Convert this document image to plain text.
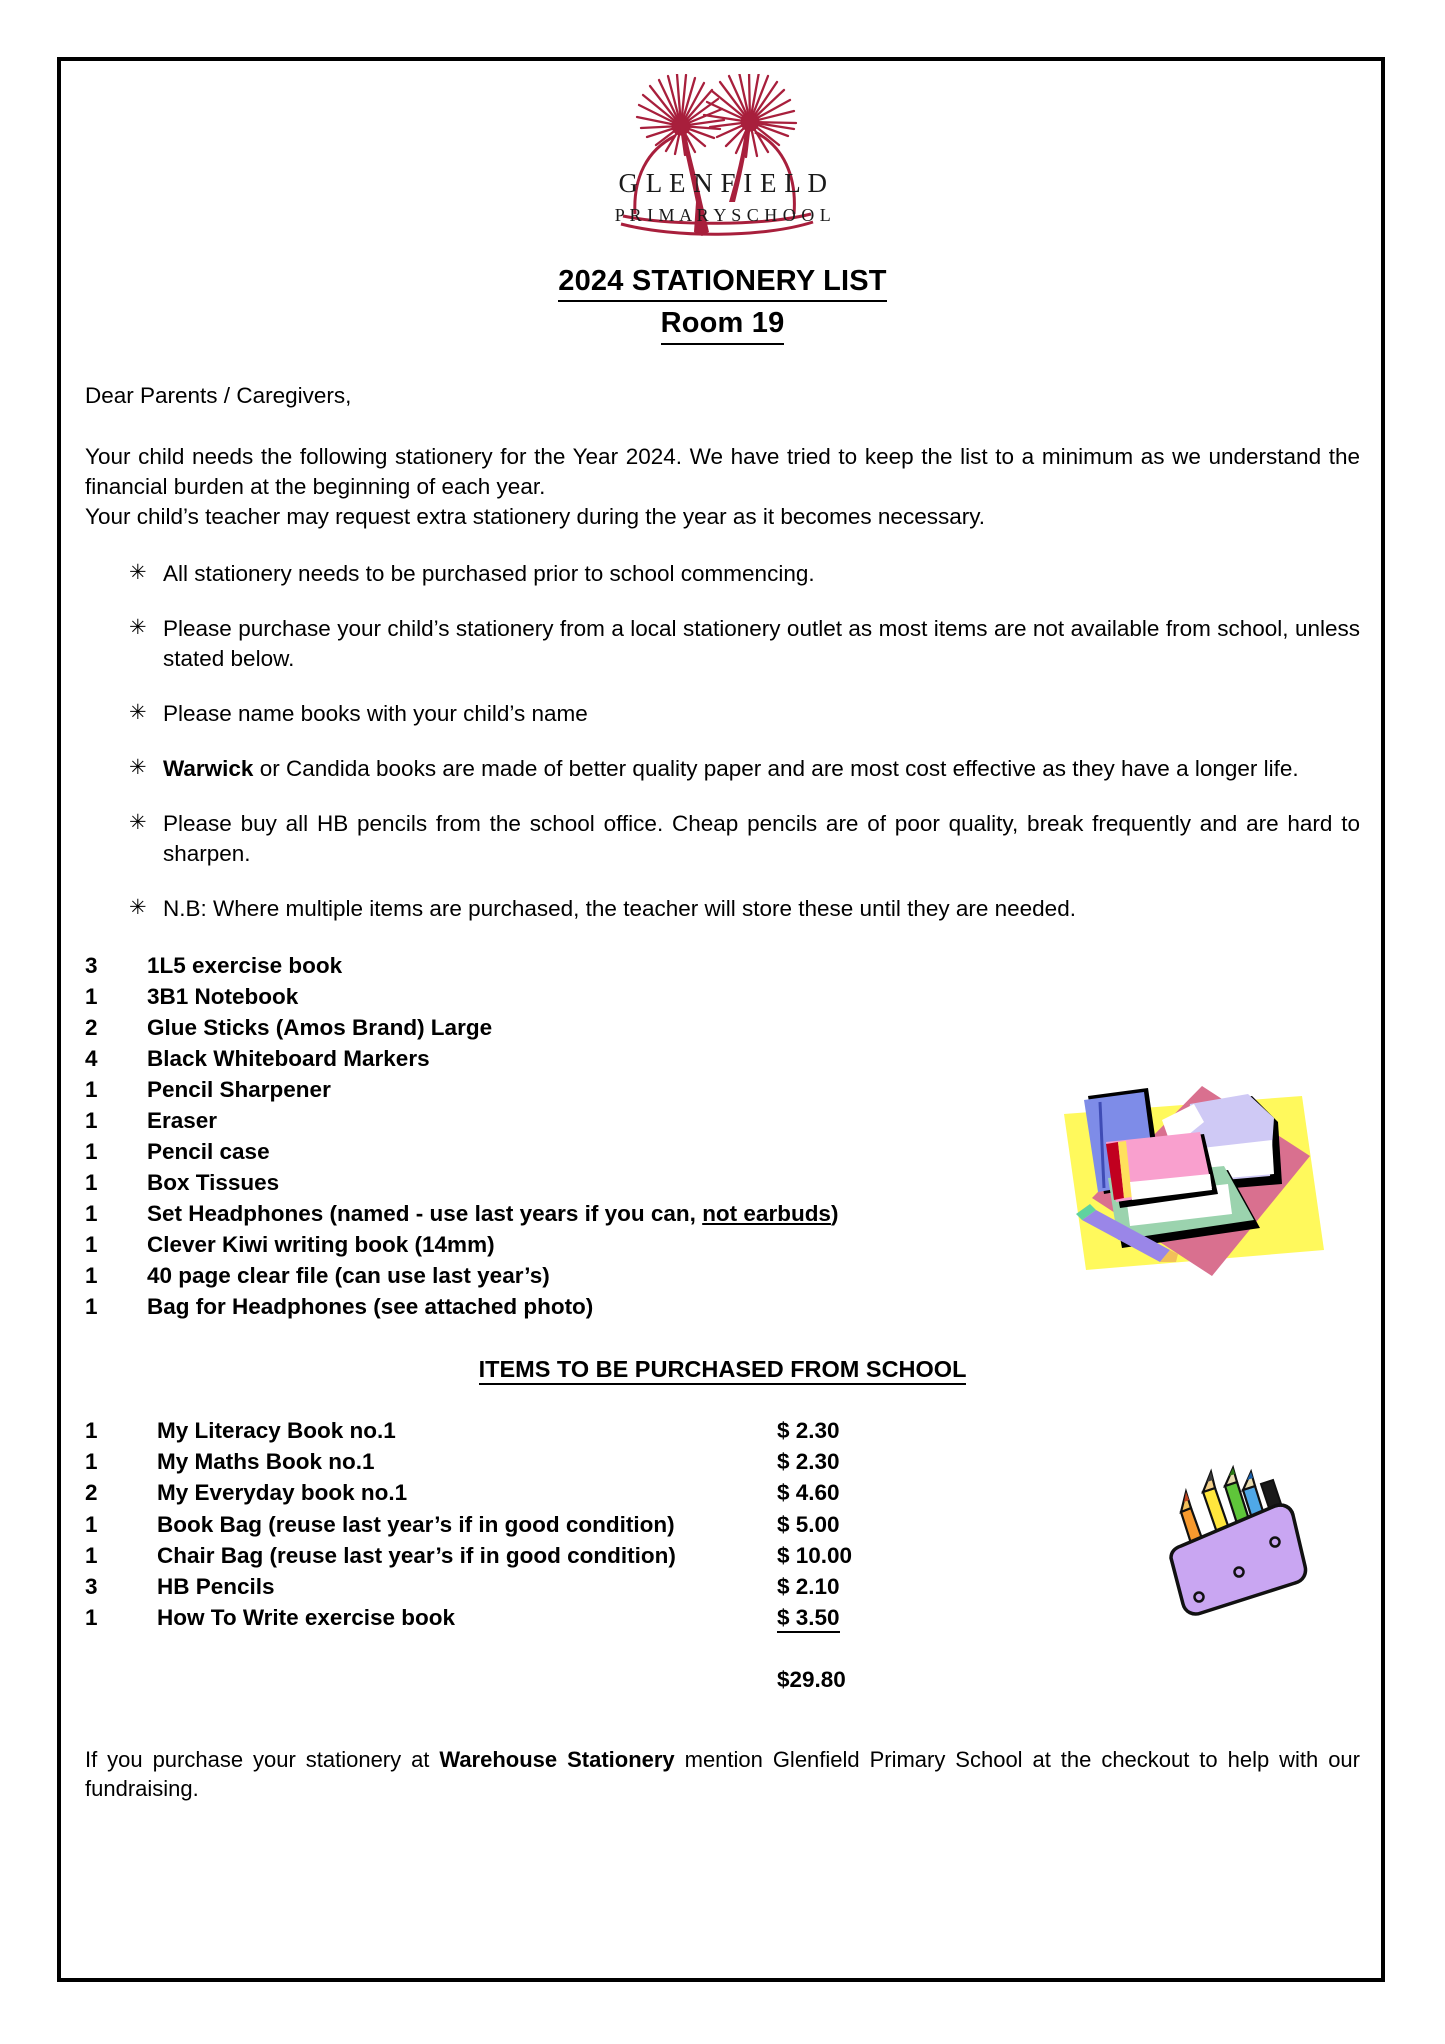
G L E N F I E L D
P R I M A R Y S C H O O L
2024 STATIONERY LIST
Room 19
Dear Parents / Caregivers,

Your child needs the following stationery for the Year 2024. We have tried to keep the list to a minimum as we understand the financial burden at the beginning of each year.

Your child’s teacher may request extra stationery during the year as it becomes necessary.

✳ All stationery needs to be purchased prior to school commencing.
✳ Please purchase your child’s stationery from a local stationery outlet as most items are not available from school, unless stated below.
✳ Please name books with your child’s name
✳ Warwick or Candida books are made of better quality paper and are most cost effective as they have a longer life.
✳ Please buy all HB pencils from the school office. Cheap pencils are of poor quality, break frequently and are hard to sharpen.
✳ N.B: Where multiple items are purchased, the teacher will store these until they are needed.
3	1L5 exercise book
1	3B1 Notebook
2	Glue Sticks (Amos Brand) Large
4	Black Whiteboard Markers
1	Pencil Sharpener
1	Eraser
1	Pencil case
1	Box Tissues
1	Set Headphones (named - use last years if you can, not earbuds)
1	Clever Kiwi writing book (14mm)
1	40 page clear file (can use last year’s)
1	Bag for Headphones (see attached photo)
ITEMS TO BE PURCHASED FROM SCHOOL
1	My Literacy Book no.1	$ 2.30
1	My Maths Book no.1	$ 2.30
2	My Everyday book no.1	$ 4.60
1	Book Bag (reuse last year’s if in good condition)	$ 5.00
1	Chair Bag (reuse last year’s if in good condition)	$ 10.00
3	HB Pencils	$ 2.10
1	How To Write exercise book	$ 3.50
$29.80
If you purchase your stationery at Warehouse Stationery mention Glenfield Primary School at the checkout to help with our fundraising.
